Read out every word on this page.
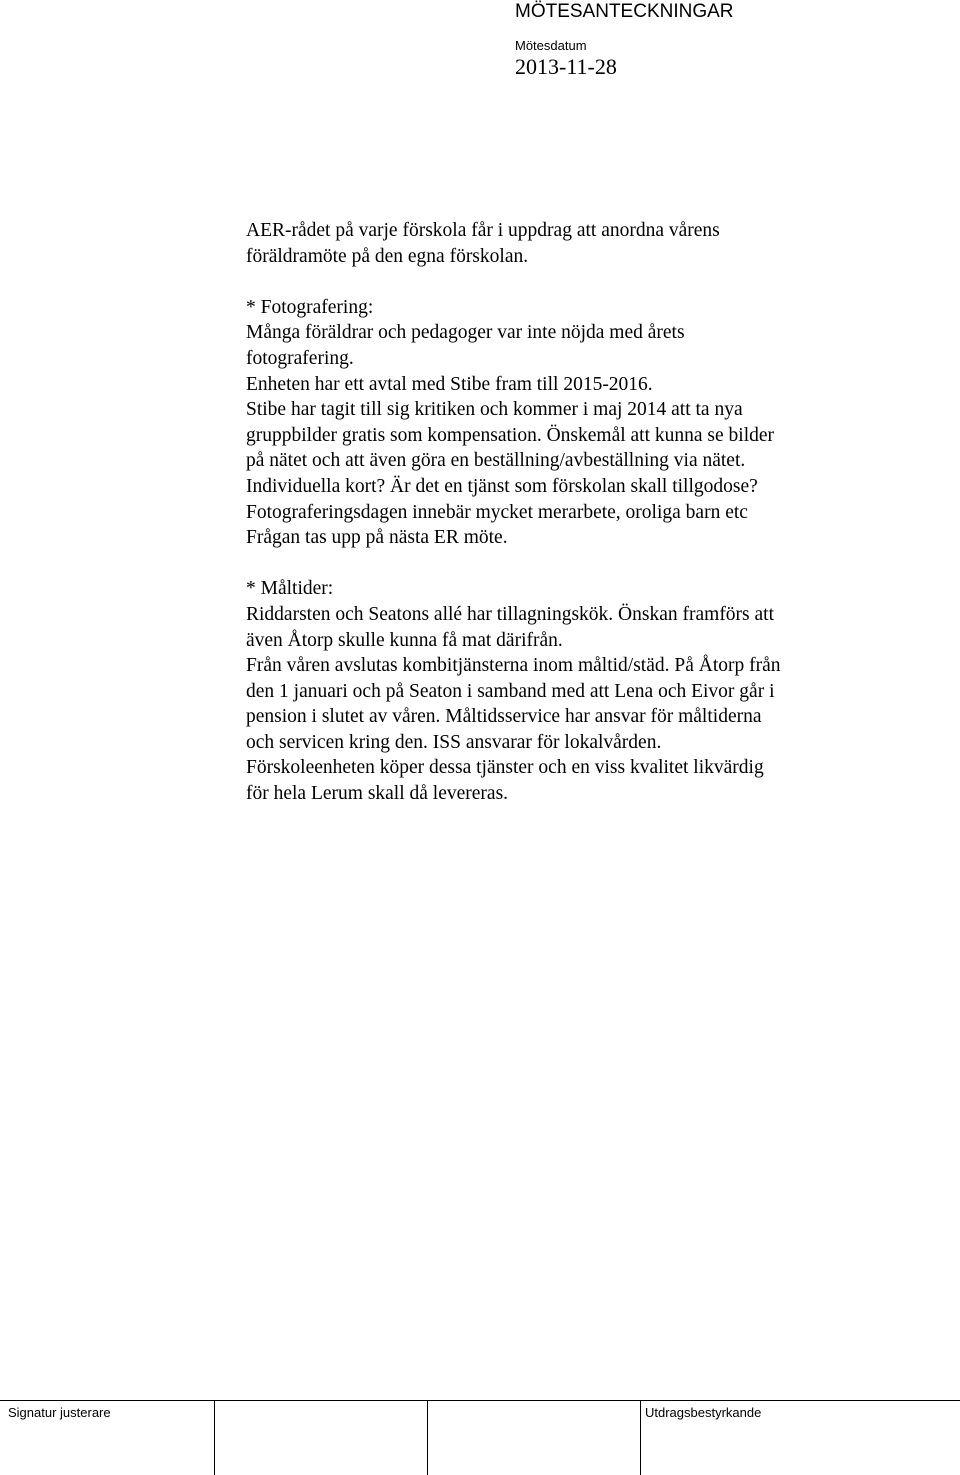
MÖTESANTECKNINGAR
Mötesdatum
2013-11-28
AER-rådet på varje förskola får i uppdrag att anordna vårens
föräldramöte på den egna förskolan.
* Fotografering:
Många föräldrar och pedagoger var inte nöjda med årets
fotografering.
Enheten har ett avtal med Stibe fram till 2015-2016.
Stibe har tagit till sig kritiken och kommer i maj 2014 att ta nya
gruppbilder gratis som kompensation. Önskemål att kunna se bilder
på nätet och att även göra en beställning/avbeställning via nätet.
Individuella kort? Är det en tjänst som förskolan skall tillgodose?
Fotograferingsdagen innebär mycket merarbete, oroliga barn etc
Frågan tas upp på nästa ER möte.
* Måltider:
Riddarsten och Seatons allé har tillagningskök. Önskan framförs att
även Åtorp skulle kunna få mat därifrån.
Från våren avslutas kombitjänsterna inom måltid/städ. På Åtorp från
den 1 januari och på Seaton i samband med att Lena och Eivor går i
pension i slutet av våren. Måltidsservice har ansvar för måltiderna
och servicen kring den. ISS ansvarar för lokalvården.
Förskoleenheten köper dessa tjänster och en viss kvalitet likvärdig
för hela Lerum skall då levereras.
Signatur justerare	Utdragsbestyrkande
